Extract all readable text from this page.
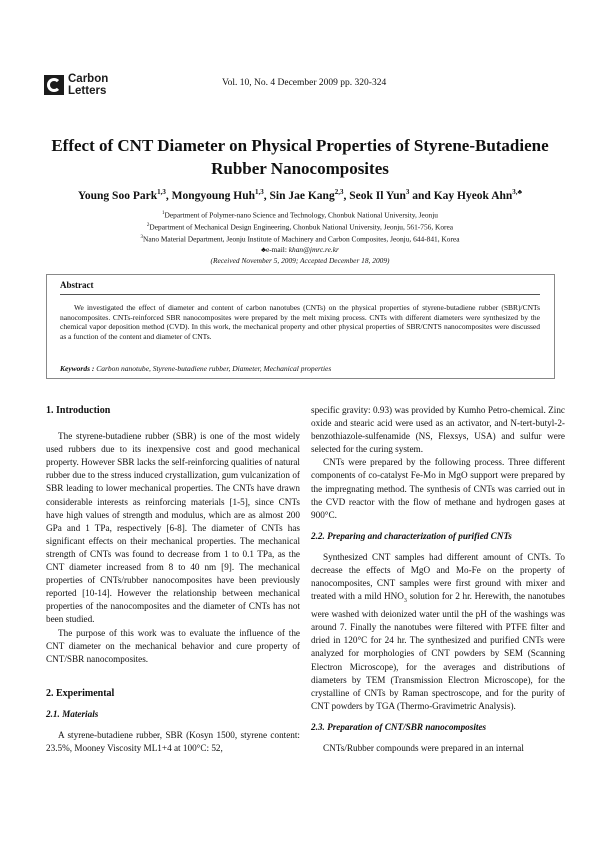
Carbon
Letters
Vol. 10, No. 4 December 2009 pp. 320-324
Effect of CNT Diameter on Physical Properties of Styrene-Butadiene Rubber Nanocomposites
Young Soo Park$^{1,3}$, Mongyoung Huh$^{1,3}$, Sin Jae Kang$^{2,3}$, Seok Il Yun$^3$ and Kay Hyeok Ahn$^{3,♣}$
$^1$Department of Polymer-nano Science and Technology, Chonbuk National University, Jeonju
$^2$Department of Mechanical Design Engineering, Chonbuk National University, Jeonju, 561-756, Korea
$^3$Nano Material Department, Jeonju Institute of Machinery and Carbon Composites, Jeonju, 644-841, Korea
♣e-mail: khan@jmrc.re.kr
(Received November 5, 2009; Accepted December 18, 2009)
Abstract
We investigated the effect of diameter and content of carbon nanotubes (CNTs) on the physical properties of styrene-butadiene rubber (SBR)/CNTs nanocomposites. CNTs-reinforced SBR nanocomposites were prepared by the melt mixing process. CNTs with different diameters were synthesized by the chemical vapor deposition method (CVD). In this work, the mechanical property and other physical properties of SBR/CNTS nanocomposites were discussed as a function of the content and diameter of CNTs.
Keywords : Carbon nanotube, Styrene-butadiene rubber, Diameter, Mechanical properties

1. Introduction

The styrene-butadiene rubber (SBR) is one of the most widely used rubbers due to its inexpensive cost and good mechanical property. However SBR lacks the self-reinforcing qualities of natural rubber due to the stress induced crystallization, gum vulcanization of SBR leading to lower mechanical properties. The CNTs have drawn considerable interests as reinforcing materials [1-5], since CNTs have high values of strength and modulus, which are as almost 200 GPa and 1 TPa, respectively [6-8]. The diameter of CNTs has significant effects on their mechanical properties. The mechanical strength of CNTs was found to decrease from 1 to 0.1 TPa, as the CNT diameter increased from 8 to 40 nm [9]. The mechanical properties of CNTs/rubber nanocomposites have been previously reported [10-14]. However the relationship between mechanical properties of the nanocomposites and the diameter of CNTs has not been studied.

The purpose of this work was to evaluate the influence of the CNT diameter on the mechanical behavior and cure property of CNT/SBR nanocomposites.

2. Experimental

2.1. Materials

A styrene-butadiene rubber, SBR (Kosyn 1500, styrene content: 23.5%, Mooney Viscosity ML1+4 at 100°C: 52,

specific gravity: 0.93) was provided by Kumho Petro-chemical. Zinc oxide and stearic acid were used as an activator, and N-tert-butyl-2-benzothiazole-sulfenamide (NS, Flexsys, USA) and sulfur were selected for the curing system.

CNTs were prepared by the following process. Three different components of co-catalyst Fe-Mo in MgO support were prepared by the impregnating method. The synthesis of CNTs was carried out in the CVD reactor with the flow of methane and hydrogen gases at 900°C.

2.2. Preparing and characterization of purified CNTs

Synthesized CNT samples had different amount of CNTs. To decrease the effects of MgO and Mo-Fe on the property of nanocomposites, CNT samples were first ground with mixer and treated with a mild $HNO_3$ solution for 2 hr. Herewith, the nanotubes were washed with deionized water until the pH of the washings was around 7. Finally the nanotubes were filtered with PTFE filter and dried in 120°C for 24 hr. The synthesized and purified CNTs were analyzed for morphologies of CNT powders by SEM (Scanning Electron Microscope), for the averages and distributions of diameters by TEM (Transmission Electron Microscope), for the crystalline of CNTs by Raman spectroscope, and for the purity of CNT powders by TGA (Thermo-Gravimetric Analysis).

2.3. Preparation of CNT/SBR nanocomposites

CNTs/Rubber compounds were prepared in an internal
